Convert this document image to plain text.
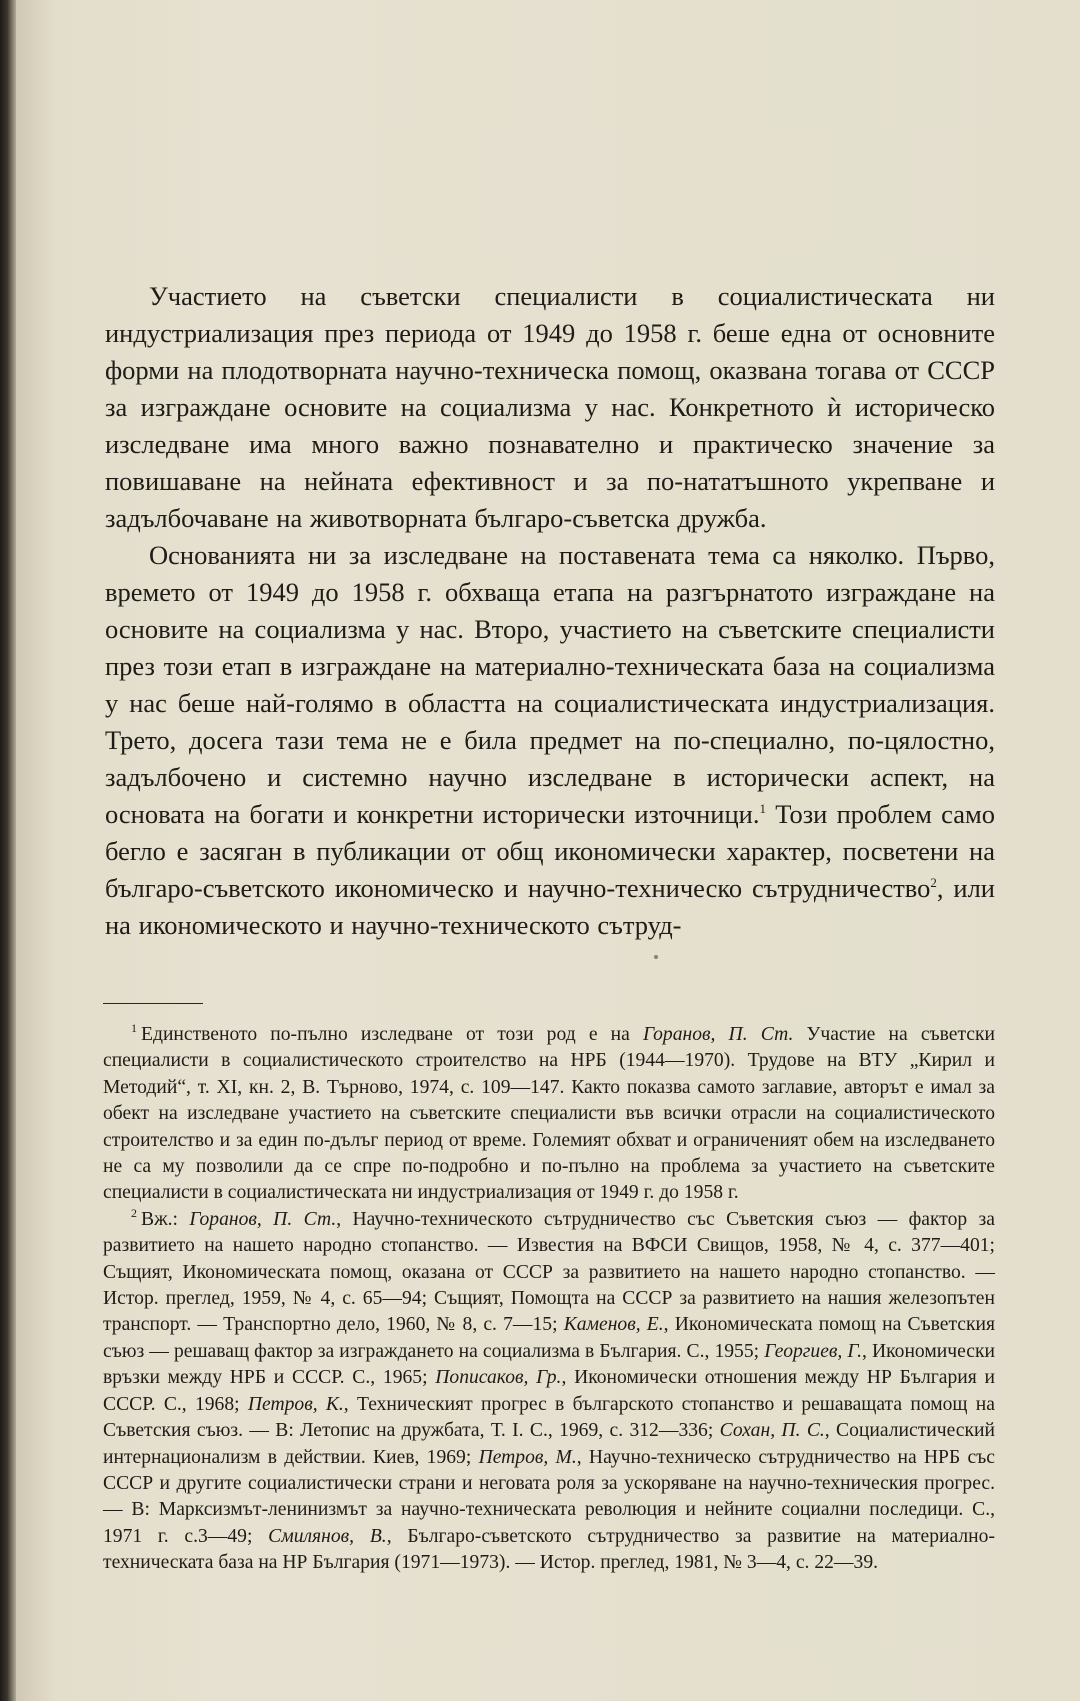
Участието на съветски специалисти в социалистическата ни индустриализация през периода от 1949 до 1958 г. беше една от основните форми на плодотворната научно-техническа помощ, оказвана тогава от СССР за изграждане основите на социализма у нас. Конкретното ѝ историческо изследване има много важно познавателно и практическо значение за повишаване на нейната ефективност и за по-нататъшното укрепване и задълбочаване на животворната българо-съветска дружба.

Основанията ни за изследване на поставената тема са няколко. Първо, времето от 1949 до 1958 г. обхваща етапа на разгърнатото изграждане на основите на социализма у нас. Второ, участието на съветските специалисти през този етап в изграждане на материално-техническата база на социализма у нас беше най-голямо в областта на социалистическата индустриализация. Трето, досега тази тема не е била предмет на по-специално, по-цялостно, задълбочено и системно научно изследване в исторически аспект, на основата на богати и конкретни исторически източници.$^1$ Този проблем само бегло е засяган в публикации от общ икономически характер, посветени на българо-съветското икономическо и научно-техническо сътрудничество$^2$, или на икономическото и научно-техническото сътруд-

$^1$ Единственото по-пълно изследване от този род е на Горанов, П. Ст. Участие на съветски специалисти в социалистическото строителство на НРБ (1944—1970). Трудове на ВТУ „Кирил и Методий“, т. XI, кн. 2, В. Търново, 1974, с. 109—147. Както показва самото заглавие, авторът е имал за обект на изследване участието на съветските специалисти във всички отрасли на социалистическото строителство и за един по-дълъг период от време. Големият обхват и ограниченият обем на изследването не са му позволили да се спре по-подробно и по-пълно на проблема за участието на съветските специалисти в социалистическата ни индустриализация от 1949 г. до 1958 г.

$^2$ Вж.: Горанов, П. Ст., Научно-техническото сътрудничество със Съветския съюз — фактор за развитието на нашето народно стопанство. — Известия на ВФСИ Свищов, 1958, № 4, с. 377—401; Същият, Икономическата помощ, оказана от СССР за развитието на нашето народно стопанство. — Истор. преглед, 1959, № 4, с. 65—94; Същият, Помощта на СССР за развитието на нашия железопътен транспорт. — Транспортно дело, 1960, № 8, с. 7—15; Каменов, Е., Икономическата помощ на Съветския съюз — решаващ фактор за изграждането на социализма в България. С., 1955; Георгиев, Г., Икономически връзки между НРБ и СССР. С., 1965; Пописаков, Гр., Икономически отношения между НР България и СССР. С., 1968; Петров, К., Техническият прогрес в българското стопанство и решаващата помощ на Съветския съюз. — В: Летопис на дружбата, Т. I. С., 1969, с. 312—336; Сохан, П. С., Социалистический интернационализм в действии. Киев, 1969; Петров, М., Научно-техническо сътрудничество на НРБ със СССР и другите социалистически страни и неговата роля за ускоряване на научно-техническия прогрес. — В: Марксизмът-ленинизмът за научно-техническата революция и нейните социални последици. С., 1971 г. с.3—49; Смилянов, В., Българо-съветското сътрудничество за развитие на материално-техническата база на НР България (1971—1973). — Истор. преглед, 1981, № 3—4, с. 22—39.
